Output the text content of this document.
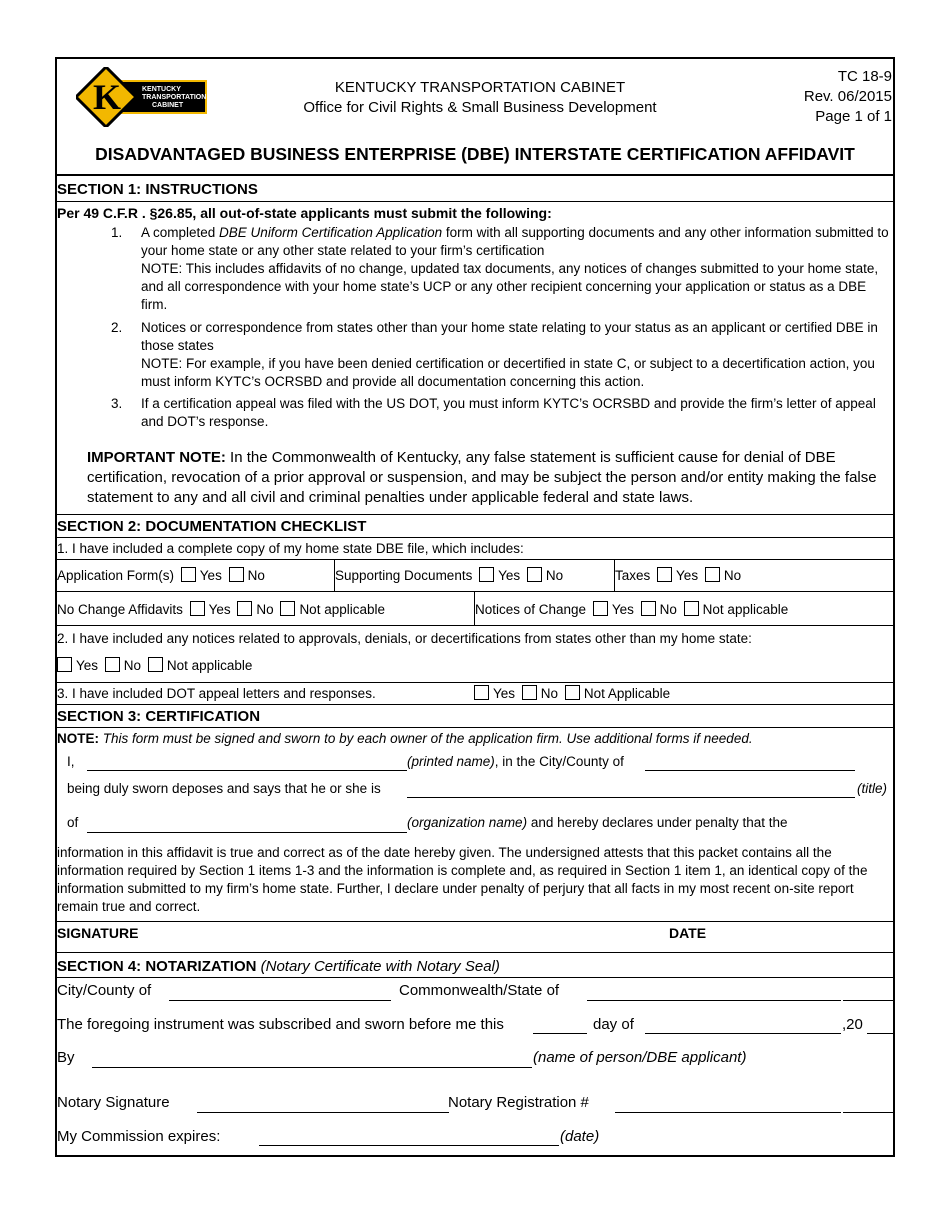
K	KENTUCKY
TRANSPORTATION
CABINET
KENTUCKY TRANSPORTATION CABINET
Office for Civil Rights & Small Business Development
TC 18-9
Rev. 06/2015
Page 1 of 1
DISADVANTAGED BUSINESS ENTERPRISE (DBE) INTERSTATE CERTIFICATION AFFIDAVIT
SECTION 1: INSTRUCTIONS
Per 49 C.F.R . §26.85, all out-of-state applicants must submit the following:
1.	A completed DBE Uniform Certification Application form with all supporting documents and any other information submitted to your home state or any other state related to your firm’s certification
NOTE: This includes affidavits of no change, updated tax documents, any notices of changes submitted to your home state, and all correspondence with your home state’s UCP or any other recipient concerning your application or status as a DBE firm.
2.	Notices or correspondence from states other than your home state relating to your status as an applicant or certified DBE in those states
NOTE: For example, if you have been denied certification or decertified in state C, or subject to a decertification action, you must inform KYTC’s OCRSBD and provide all documentation concerning this action.
3.	If a certification appeal was filed with the US DOT, you must inform KYTC’s OCRSBD and provide the firm’s letter of appeal and DOT’s response.
IMPORTANT NOTE: In the Commonwealth of Kentucky, any false statement is sufficient cause for denial of DBE certification, revocation of a prior approval or suspension, and may be subject the person and/or entity making the false statement to any and all civil and criminal penalties under applicable federal and state laws.
SECTION 2: DOCUMENTATION CHECKLIST
1. I have included a complete copy of my home state DBE file, which includes:
Application Form(s) Yes No	Supporting Documents Yes No	Taxes Yes No
No Change Affidavits Yes No Not applicable	Notices of Change Yes No Not applicable
2. I have included any notices related to approvals, denials, or decertifications from states other than my home state:
Yes No Not applicable
3. I have included DOT appeal letters and responses.	Yes No Not Applicable
SECTION 3: CERTIFICATION
NOTE: This form must be signed and sworn to by each owner of the application firm. Use additional forms if needed.
I,	(printed name), in the City/County of
being duly sworn deposes and says that he or she is	(title)
of	(organization name) and hereby declares under penalty that the
information in this affidavit is true and correct as of the date hereby given. The undersigned attests that this packet contains all the information required by Section 1 items 1-3 and the information is complete and, as required in Section 1 item 1, an identical copy of the information submitted to my firm’s home state. Further, I declare under penalty of perjury that all facts in my most recent on-site report remain true and correct.
SIGNATURE	DATE
SECTION 4: NOTARIZATION (Notary Certificate with Notary Seal)
City/County of	Commonwealth/State of
The foregoing instrument was subscribed and sworn before me this	day of	,20
By	(name of person/DBE applicant)
Notary Signature	Notary Registration #
My Commission expires:	(date)
